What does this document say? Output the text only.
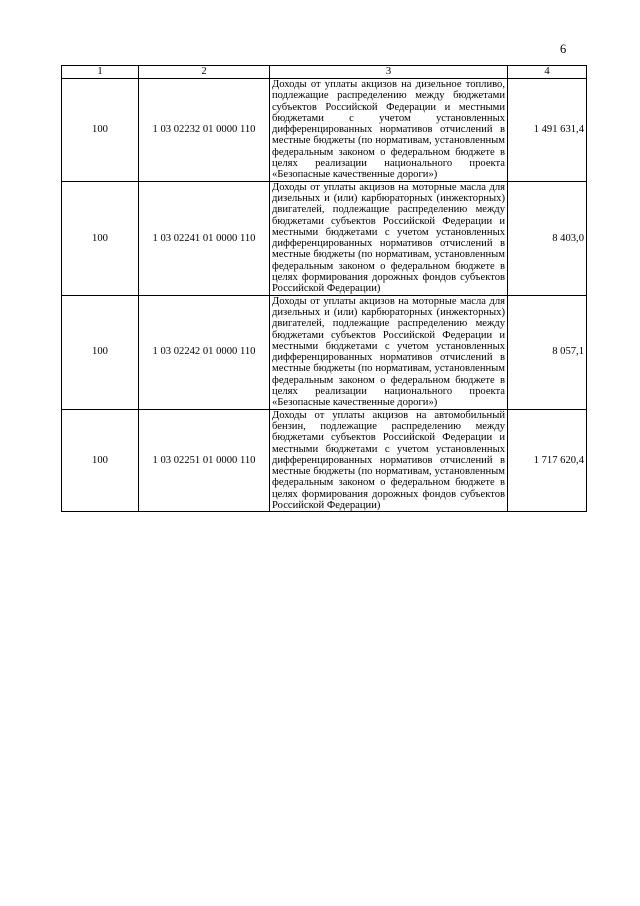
6
1	2	3	4
100	1 03 02232 01 0000 110	Доходы от уплаты акцизов на дизельное топливо, подлежащие распределению между бюджетами субъектов Российской Федерации и местными бюджетами с учетом установленных дифференцированных нормативов отчислений в местные бюджеты (по нормативам, установленным федеральным законом о федеральном бюджете в целях реализации национального проекта «Безопасные качественные дороги»)	1 491 631,4
100	1 03 02241 01 0000 110	Доходы от уплаты акцизов на моторные масла для дизельных и (или) карбюраторных (инжекторных) двигателей, подлежащие распределению между бюджетами субъектов Российской Федерации и местными бюджетами с учетом установленных дифференцированных нормативов отчислений в местные бюджеты (по нормативам, установленным федеральным законом о федеральном бюджете в целях формирования дорожных фондов субъектов Российской Федерации)	8 403,0
100	1 03 02242 01 0000 110	Доходы от уплаты акцизов на моторные масла для дизельных и (или) карбюраторных (инжекторных) двигателей, подлежащие распределению между бюджетами субъектов Российской Федерации и местными бюджетами с учетом установленных дифференцированных нормативов отчислений в местные бюджеты (по нормативам, установленным федеральным законом о федеральном бюджете в целях реализации национального проекта «Безопасные качественные дороги»)	8 057,1
100	1 03 02251 01 0000 110	Доходы от уплаты акцизов на автомобильный бензин, подлежащие распределению между бюджетами субъектов Российской Федерации и местными бюджетами с учетом установленных дифференцированных нормативов отчислений в местные бюджеты (по нормативам, установленным федеральным законом о федеральном бюджете в целях формирования дорожных фондов субъектов Российской Федерации)	1 717 620,4
